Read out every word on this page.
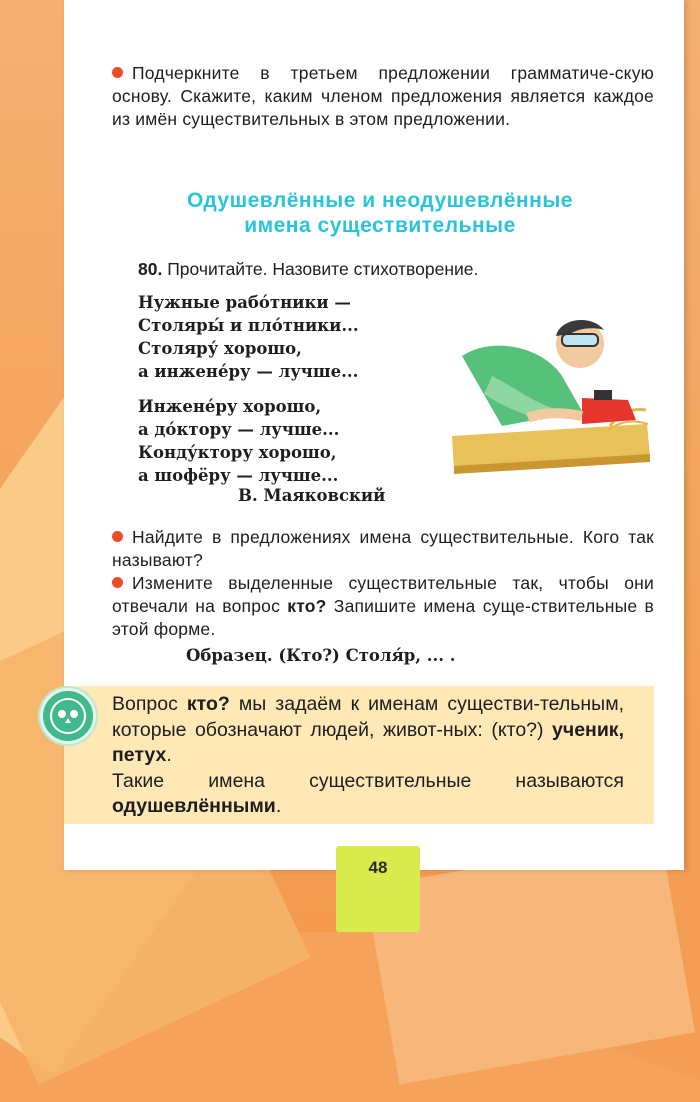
Подчеркните в третьем предложении грамматиче-скую основу. Скажите, каким членом предложения является каждое из имён существительных в этом предложении.
Одушевлённые и неодушевлённые
имена существительные
80. Прочитайте. Назовите стихотворение.
Нужные рабо́тники —
Столяры́ и пло́тники...
Столяру́ хорошо,
а инжене́ру — лучше...
Инжене́ру хорошо,
а до́ктору — лучше...
Конду́ктору хорошо,
а шофёру — лучше...
В. Маяковский
Найдите в предложениях имена существительные. Кого так называют?
Измените выделенные существительные так, чтобы они отвечали на вопрос кто? Запишите имена суще-ствительные в этой форме.
Образец. (Кто?) Столя́р, ... .
Вопрос кто? мы задаём к именам существи-тельным, которые обозначают людей, живот-ных: (кто?) ученик, петух.
Такие имена существительные называются одушевлёнными.
48
